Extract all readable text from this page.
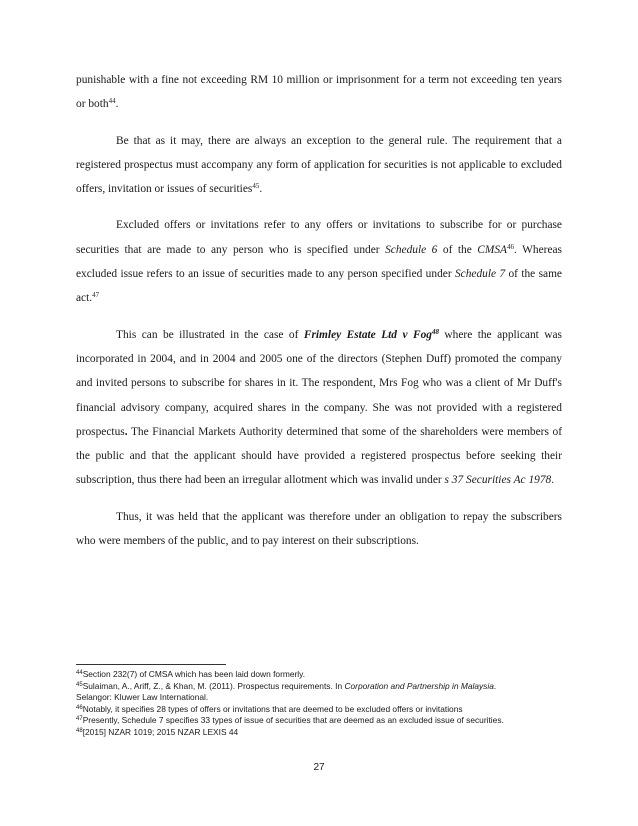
punishable with a fine not exceeding RM 10 million or imprisonment for a term not exceeding ten years or both$^{44}$.

Be that as it may, there are always an exception to the general rule. The requirement that a registered prospectus must accompany any form of application for securities is not applicable to excluded offers, invitation or issues of securities$^{45}$.

Excluded offers or invitations refer to any offers or invitations to subscribe for or purchase securities that are made to any person who is specified under Schedule 6 of the CMSA$^{46}$. Whereas excluded issue refers to an issue of securities made to any person specified under Schedule 7 of the same act.$^{47}$

This can be illustrated in the case of Frimley Estate Ltd v Fog$^{48}$ where the applicant was incorporated in 2004, and in 2004 and 2005 one of the directors (Stephen Duff) promoted the company and invited persons to subscribe for shares in it. The respondent, Mrs Fog who was a client of Mr Duff's financial advisory company, acquired shares in the company. She was not provided with a registered prospectus. The Financial Markets Authority determined that some of the shareholders were members of the public and that the applicant should have provided a registered prospectus before seeking their subscription, thus there had been an irregular allotment which was invalid under s 37 Securities Ac 1978.

Thus, it was held that the applicant was therefore under an obligation to repay the subscribers who were members of the public, and to pay interest on their subscriptions.

$^{44}$Section 232(7) of CMSA which has been laid down formerly.
$^{45}$Sulaiman, A., Ariff, Z., & Khan, M. (2011). Prospectus requirements. In Corporation and Partnership in Malaysia.
Selangor: Kluwer Law International.
$^{46}$Notably, it specifies 28 types of offers or invitations that are deemed to be excluded offers or invitations
$^{47}$Presently, Schedule 7 specifies 33 types of issue of securities that are deemed as an excluded issue of securities.
$^{48}$[2015] NZAR 1019; 2015 NZAR LEXIS 44
27
